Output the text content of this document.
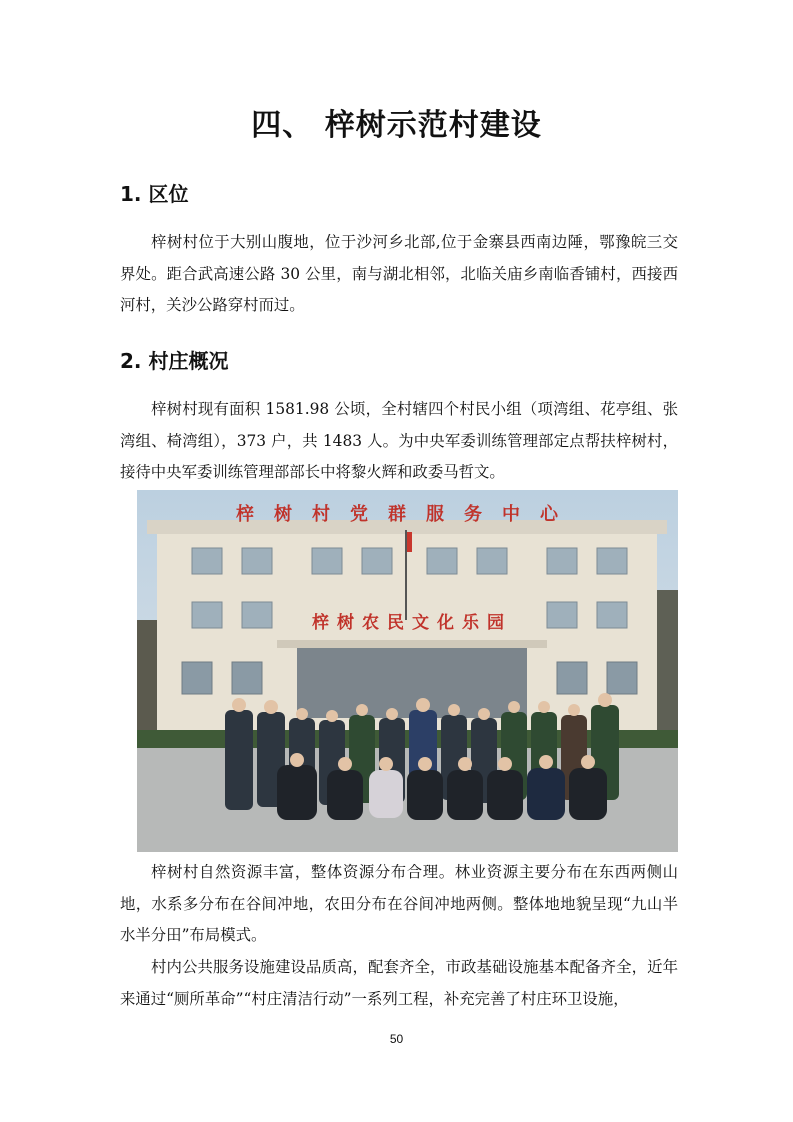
四、 梓树示范村建设
1. 区位

梓树村位于大别山腹地，位于沙河乡北部,位于金寨县西南边陲，鄂豫皖三交界处。距合武高速公路 30 公里，南与湖北相邻，北临关庙乡南临香铺村，西接西河村，关沙公路穿村而过。

2. 村庄概况

梓树村现有面积 1581.98 公顷，全村辖四个村民小组（项湾组、花亭组、张湾组、椅湾组），373 户，共 1483 人。为中央军委训练管理部定点帮扶梓树村，接待中央军委训练管理部部长中将黎火辉和政委马哲文。

梓树村党群服务中心
梓树农民文化乐园

梓树村自然资源丰富，整体资源分布合理。林业资源主要分布在东西两侧山地，水系多分布在谷间冲地，农田分布在谷间冲地两侧。整体地地貌呈现“九山半水半分田”布局模式。

村内公共服务设施建设品质高，配套齐全，市政基础设施基本配备齐全，近年来通过“厕所革命”“村庄清洁行动”一系列工程，补充完善了村庄环卫设施，

50
